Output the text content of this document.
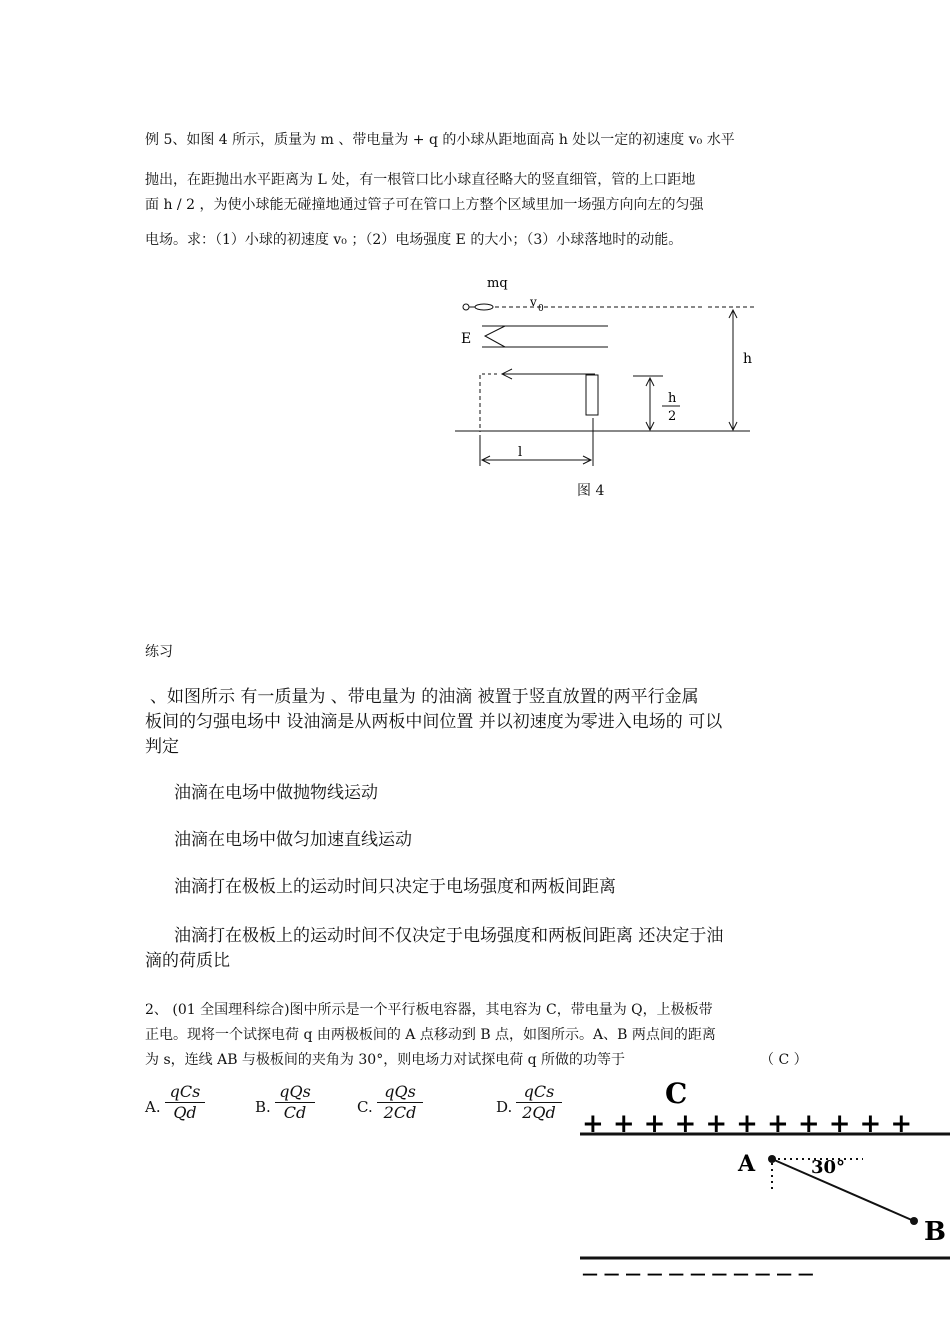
例 5、如图 4 所示，质量为 m 、带电量为 + q 的小球从距地面高 h 处以一定的初速度 v₀ 水平
抛出，在距抛出水平距离为 L 处，有一根管口比小球直径略大的竖直细管，管的上口距地
面 h / 2 ，为使小球能无碰撞地通过管子可在管口上方整个区域里加一场强方向向左的匀强
电场。求：（1）小球的初速度 v₀ ；（2）电场强度 E 的大小；（3）小球落地时的动能。
mq
v 0
E
h
h
2
l
图 4
练习
、如图所示 有一质量为 、带电量为 的油滴 被置于竖直放置的两平行金属
板间的匀强电场中 设油滴是从两板中间位置 并以初速度为零进入电场的 可以
判定
油滴在电场中做抛物线运动
油滴在电场中做匀加速直线运动
油滴打在极板上的运动时间只决定于电场强度和两板间距离
油滴打在极板上的运动时间不仅决定于电场强度和两板间距离 还决定于油
滴的荷质比
2、 (01 全国理科综合)图中所示是一个平行板电容器，其电容为 C，带电量为 Q，上极板带
正电。现将一个试探电荷 q 由两极板间的 A 点移动到 B 点，如图所示。A、B 两点间的距离
为 s，连线 AB 与极板间的夹角为 30°，则电场力对试探电荷 q 所做的功等于	（ C ）
A.
qCs
Qd	B.
qQs
Cd	C.
qQs
2Cd	D.
qCs
2Qd
C
+ + + + + + + + + + +
A	30°
B
— — — — — — — — — — —
